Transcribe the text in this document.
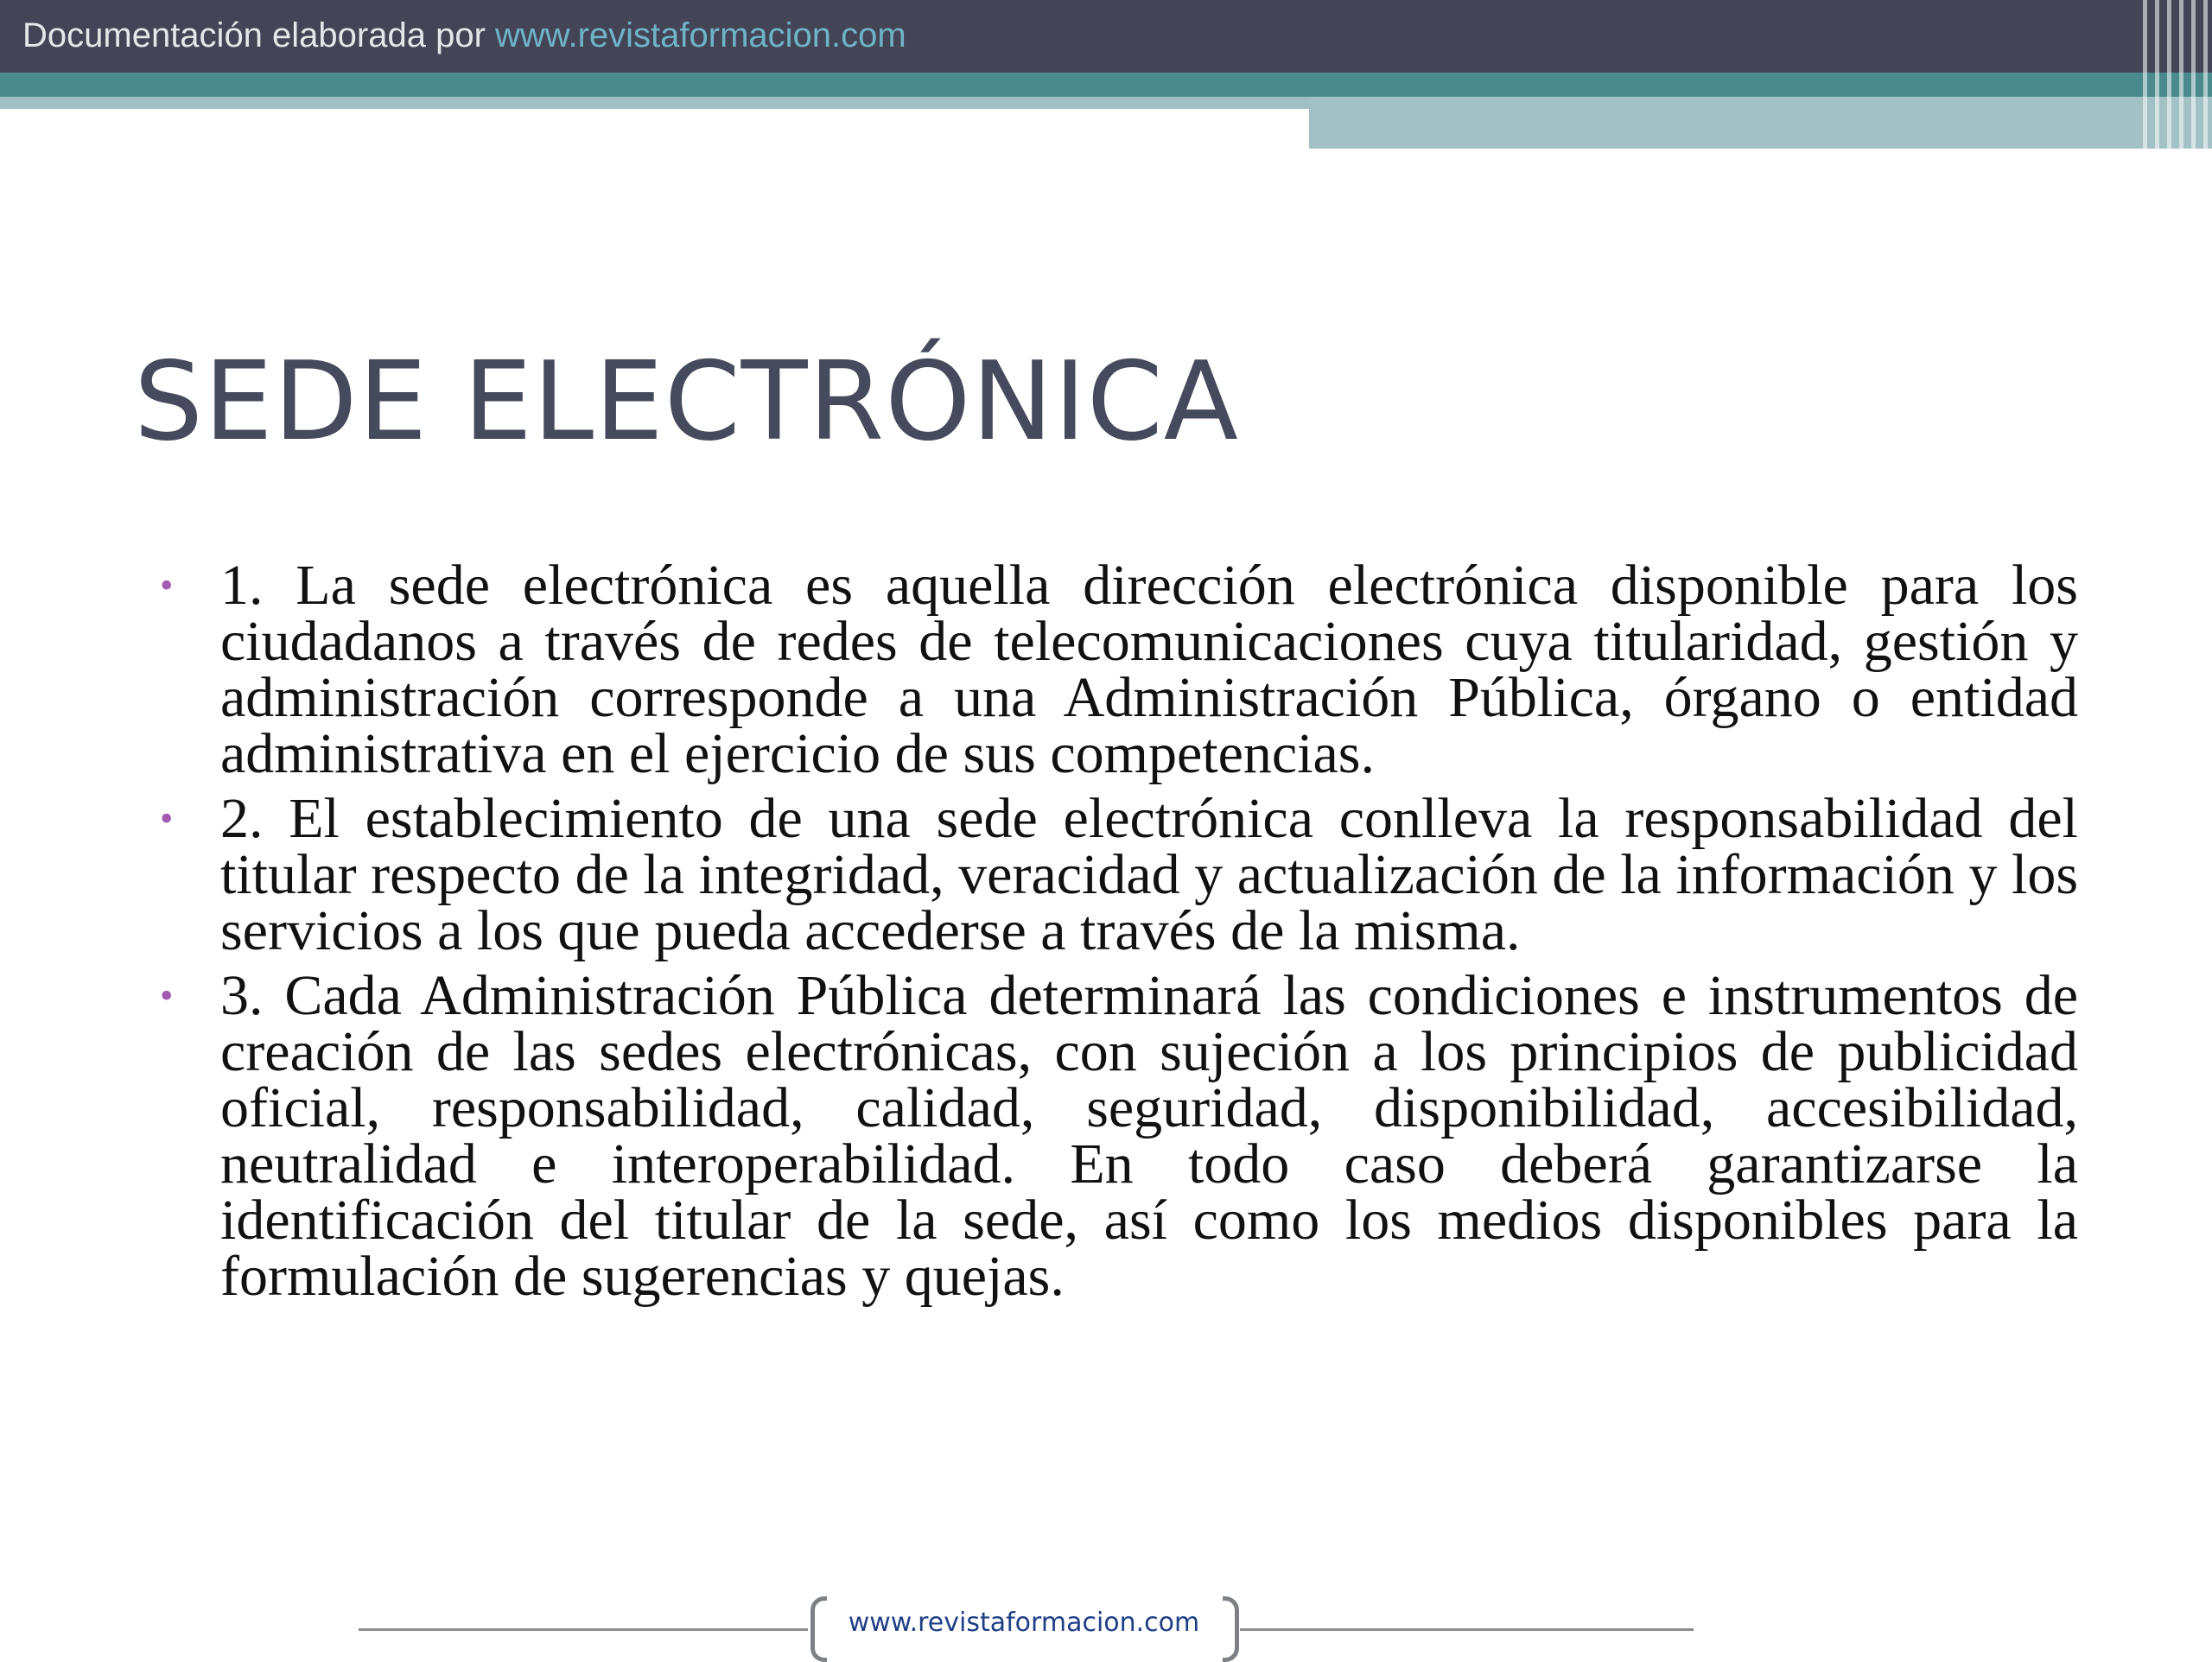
Documentación elaborada por www.revistaformacion.com
SEDE ELECTRÓNICA
• 1. La sede electrónica es aquella dirección electrónica disponible para los ciudadanos a través de redes de telecomunicaciones cuya titularidad, gestión y administración corresponde a una Administración Pública, órgano o entidad administrativa en el ejercicio de sus competencias.
• 2. El establecimiento de una sede electrónica conlleva la responsabilidad del titular respecto de la integridad, veracidad y actualización de la información y los servicios a los que pueda accederse a través de la misma.
• 3. Cada Administración Pública determinará las condiciones e instrumentos de creación de las sedes electrónicas, con sujeción a los principios de publicidad oficial, responsabilidad, calidad, seguridad, disponibilidad, accesibilidad, neutralidad e interoperabilidad. En todo caso deberá garantizarse la identificación del titular de la sede, así como los medios disponibles para la formulación de sugerencias y quejas.
www.revistaformacion.com
